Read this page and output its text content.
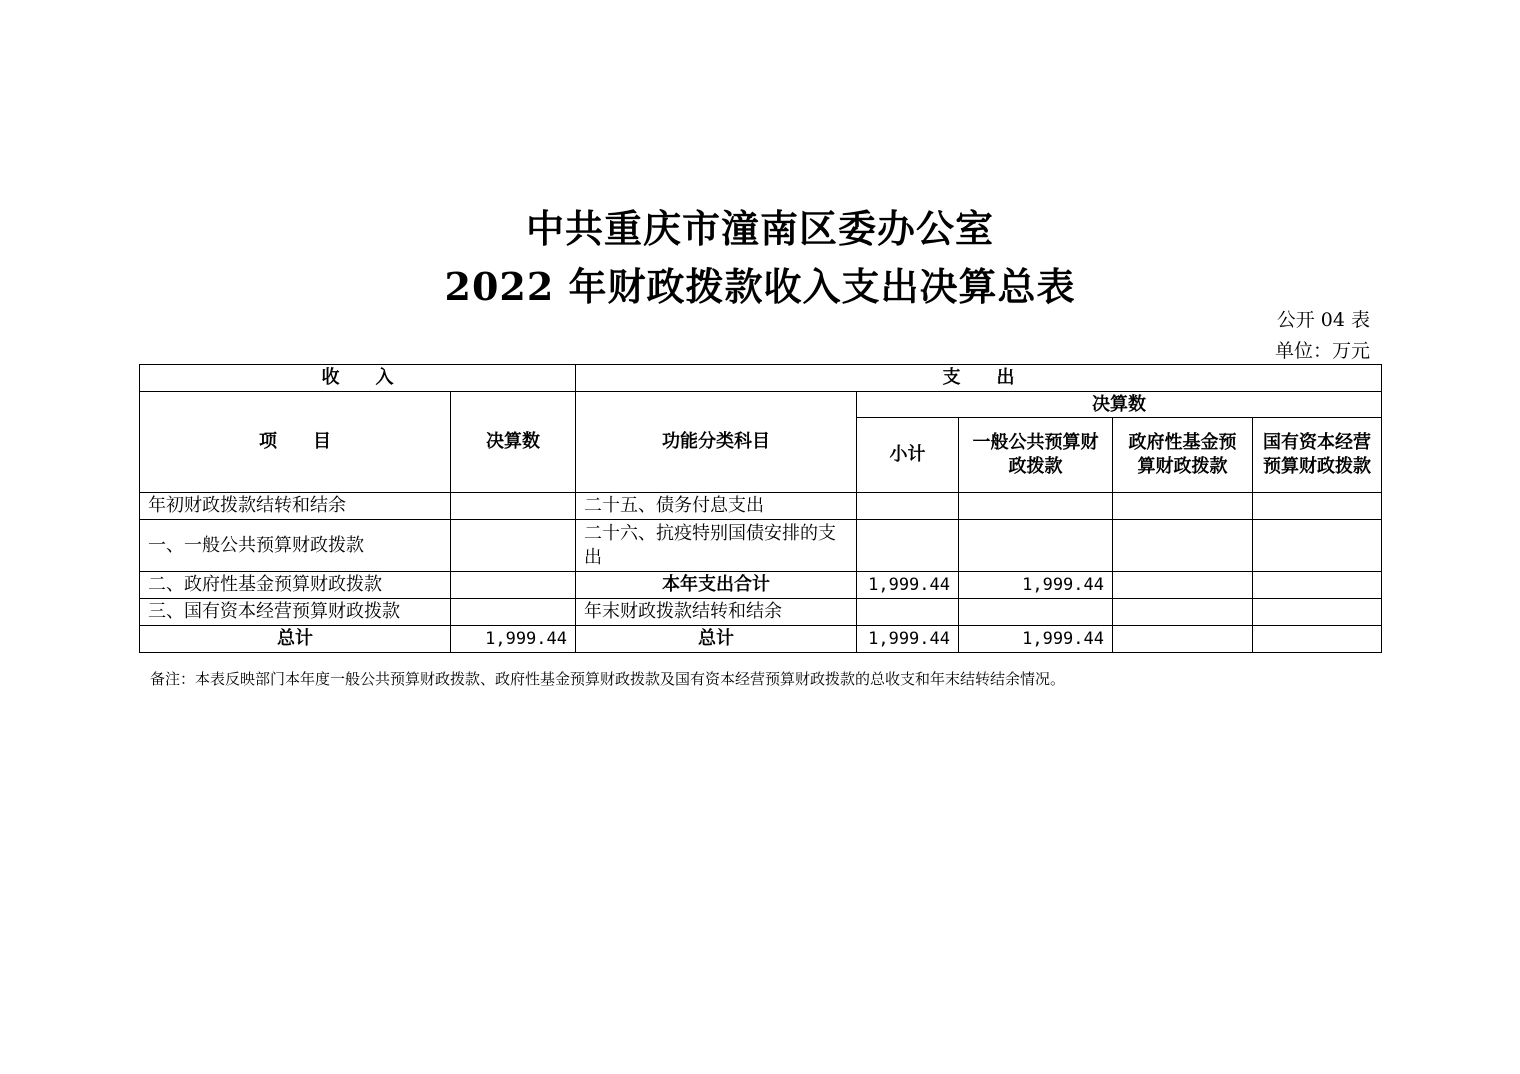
中共重庆市潼南区委办公室
2022 年财政拨款收入支出决算总表
公开 04 表
单位：万元
收　　入		支　　出				
项　　目	决算数	功能分类科目	决算数			
			小计	一般公共预算财政拨款	政府性基金预算财政拨款	国有资本经营预算财政拨款
年初财政拨款结转和结余		二十五、债务付息支出				
一、一般公共预算财政拨款		二十六、抗疫特别国债安排的支出				
二、政府性基金预算财政拨款		本年支出合计	1,999.44	1,999.44		
三、国有资本经营预算财政拨款		年末财政拨款结转和结余				
总计	1,999.44	总计	1,999.44	1,999.44		
备注：本表反映部门本年度一般公共预算财政拨款、政府性基金预算财政拨款及国有资本经营预算财政拨款的总收支和年末结转结余情况。
